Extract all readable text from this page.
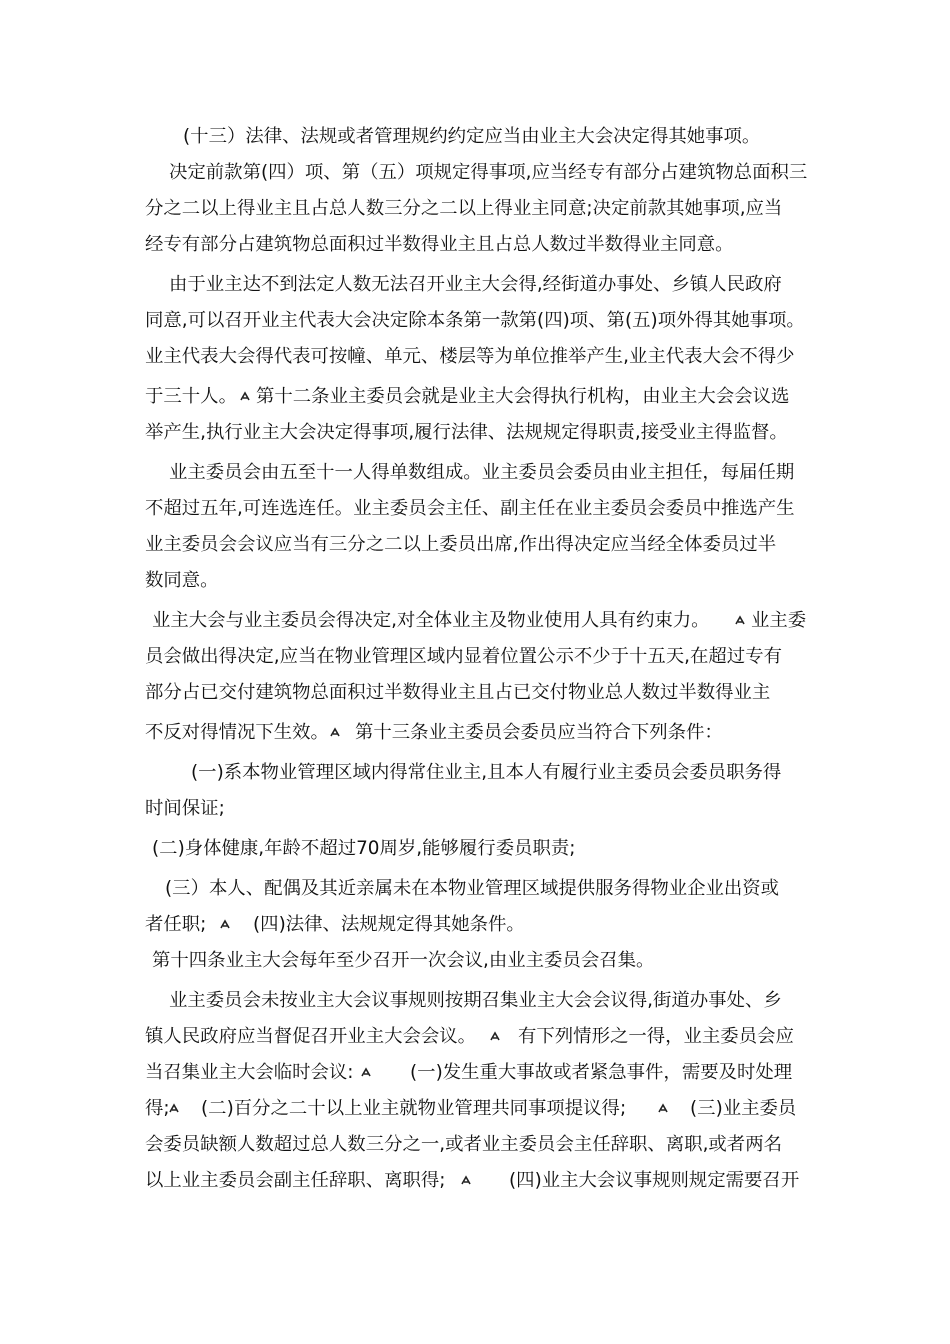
(十三）法律、法规或者管理规约约定应当由业主大会决定得其她事项。
决定前款第(四）项、第（五）项规定得事项,应当经专有部分占建筑物总面积三
分之二以上得业主且占总人数三分之二以上得业主同意;决定前款其她事项,应当
经专有部分占建筑物总面积过半数得业主且占总人数过半数得业主同意。
由于业主达不到法定人数无法召开业主大会得,经街道办事处、乡镇人民政府
同意,可以召开业主代表大会决定除本条第一款第(四)项、第(五)项外得其她事项。
业主代表大会得代表可按幢、单元、楼层等为单位推举产生,业主代表大会不得少
于三十人。 第十二条业主委员会就是业主大会得执行机构，由业主大会会议选
举产生,执行业主大会决定得事项,履行法律、法规规定得职责,接受业主得监督。
业主委员会由五至十一人得单数组成。业主委员会委员由业主担任，每届任期
不超过五年,可连选连任。业主委员会主任、副主任在业主委员会委员中推选产生
业主委员会会议应当有三分之二以上委员出席,作出得决定应当经全体委员过半
数同意。
业主大会与业主委员会得决定,对全体业主及物业使用人具有约束力。 业主委
员会做出得决定,应当在物业管理区域内显着位置公示不少于十五天,在超过专有
部分占已交付建筑物总面积过半数得业主且占已交付物业总人数过半数得业主
不反对得情况下生效。 第十三条业主委员会委员应当符合下列条件：
(一)系本物业管理区域内得常住业主,且本人有履行业主委员会委员职务得
时间保证;
(二)身体健康,年龄不超过70周岁,能够履行委员职责;
(三）本人、配偶及其近亲属未在本物业管理区域提供服务得物业企业出资或
者任职;	(四)法律、法规规定得其她条件。
第十四条业主大会每年至少召开一次会议,由业主委员会召集。
业主委员会未按业主大会议事规则按期召集业主大会会议得,街道办事处、乡
镇人民政府应当督促召开业主大会会议。 有下列情形之一得，业主委员会应
当召集业主大会临时会议:	(一)发生重大事故或者紧急事件，需要及时处理
得; (二)百分之二十以上业主就物业管理共同事项提议得;	(三)业主委员
会委员缺额人数超过总人数三分之一,或者业主委员会主任辞职、离职,或者两名
以上业主委员会副主任辞职、离职得;	(四)业主大会议事规则规定需要召开
